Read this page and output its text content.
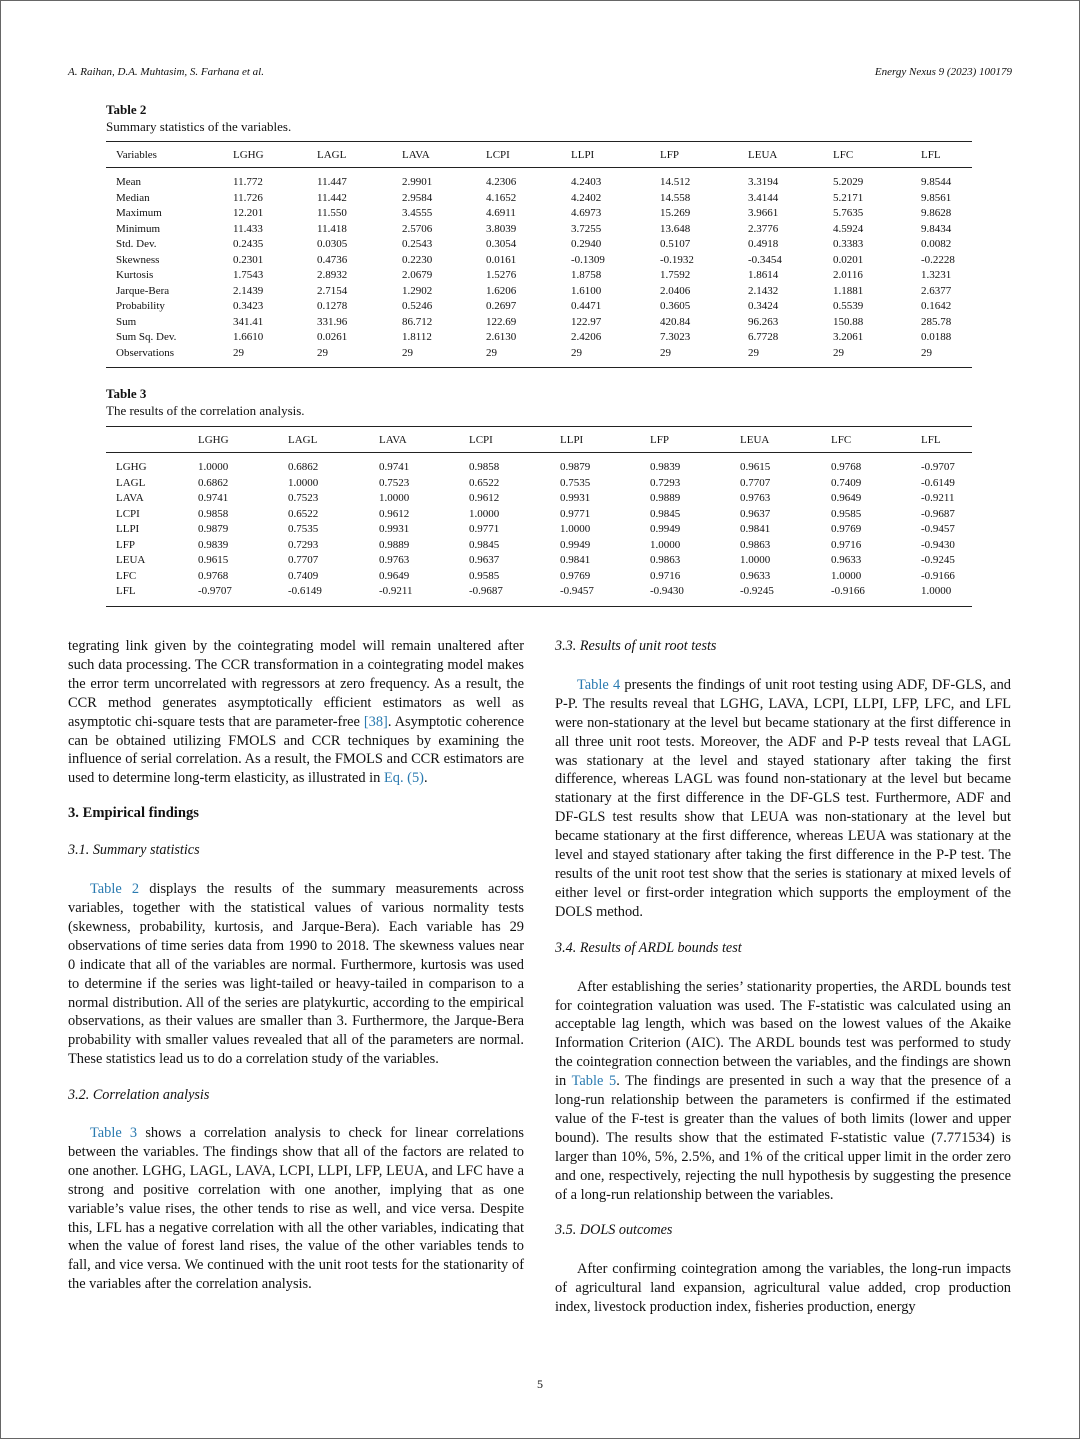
A. Raihan, D.A. Muhtasim, S. Farhana et al.	Energy Nexus 9 (2023) 100179
Table 2
Summary statistics of the variables.
Variables	LGHG	LAGL	LAVA	LCPI	LLPI	LFP	LEUA	LFC	LFL
Mean	11.772	11.447	2.9901	4.2306	4.2403	14.512	3.3194	5.2029	9.8544
Median	11.726	11.442	2.9584	4.1652	4.2402	14.558	3.4144	5.2171	9.8561
Maximum	12.201	11.550	3.4555	4.6911	4.6973	15.269	3.9661	5.7635	9.8628
Minimum	11.433	11.418	2.5706	3.8039	3.7255	13.648	2.3776	4.5924	9.8434
Std. Dev.	0.2435	0.0305	0.2543	0.3054	0.2940	0.5107	0.4918	0.3383	0.0082
Skewness	0.2301	0.4736	0.2230	0.0161	-0.1309	-0.1932	-0.3454	0.0201	-0.2228
Kurtosis	1.7543	2.8932	2.0679	1.5276	1.8758	1.7592	1.8614	2.0116	1.3231
Jarque-Bera	2.1439	2.7154	1.2902	1.6206	1.6100	2.0406	2.1432	1.1881	2.6377
Probability	0.3423	0.1278	0.5246	0.2697	0.4471	0.3605	0.3424	0.5539	0.1642
Sum	341.41	331.96	86.712	122.69	122.97	420.84	96.263	150.88	285.78
Sum Sq. Dev.	1.6610	0.0261	1.8112	2.6130	2.4206	7.3023	6.7728	3.2061	0.0188
Observations	29	29	29	29	29	29	29	29	29
Table 3
The results of the correlation analysis.
	LGHG	LAGL	LAVA	LCPI	LLPI	LFP	LEUA	LFC	LFL
LGHG	1.0000	0.6862	0.9741	0.9858	0.9879	0.9839	0.9615	0.9768	-0.9707
LAGL	0.6862	1.0000	0.7523	0.6522	0.7535	0.7293	0.7707	0.7409	-0.6149
LAVA	0.9741	0.7523	1.0000	0.9612	0.9931	0.9889	0.9763	0.9649	-0.9211
LCPI	0.9858	0.6522	0.9612	1.0000	0.9771	0.9845	0.9637	0.9585	-0.9687
LLPI	0.9879	0.7535	0.9931	0.9771	1.0000	0.9949	0.9841	0.9769	-0.9457
LFP	0.9839	0.7293	0.9889	0.9845	0.9949	1.0000	0.9863	0.9716	-0.9430
LEUA	0.9615	0.7707	0.9763	0.9637	0.9841	0.9863	1.0000	0.9633	-0.9245
LFC	0.9768	0.7409	0.9649	0.9585	0.9769	0.9716	0.9633	1.0000	-0.9166
LFL	-0.9707	-0.6149	-0.9211	-0.9687	-0.9457	-0.9430	-0.9245	-0.9166	1.0000

tegrating link given by the cointegrating model will remain unaltered after such data processing. The CCR transformation in a cointegrating model makes the error term uncorrelated with regressors at zero frequency. As a result, the CCR method generates asymptotically efficient estimators as well as asymptotic chi-square tests that are parameter-free [38]. Asymptotic coherence can be obtained utilizing FMOLS and CCR techniques by examining the influence of serial correlation. As a result, the FMOLS and CCR estimators are used to determine long-term elasticity, as illustrated in Eq. (5).

3. Empirical findings
3.1. Summary statistics

Table 2 displays the results of the summary measurements across variables, together with the statistical values of various normality tests (skewness, probability, kurtosis, and Jarque-Bera). Each variable has 29 observations of time series data from 1990 to 2018. The skewness values near 0 indicate that all of the variables are normal. Furthermore, kurtosis was used to determine if the series was light-tailed or heavy-tailed in comparison to a normal distribution. All of the series are platykurtic, according to the empirical observations, as their values are smaller than 3. Furthermore, the Jarque-Bera probability with smaller values revealed that all of the parameters are normal. These statistics lead us to do a correlation study of the variables.

3.2. Correlation analysis

Table 3 shows a correlation analysis to check for linear correlations between the variables. The findings show that all of the factors are related to one another. LGHG, LAGL, LAVA, LCPI, LLPI, LFP, LEUA, and LFC have a strong and positive correlation with one another, implying that as one variable’s value rises, the other tends to rise as well, and vice versa. Despite this, LFL has a negative correlation with all the other variables, indicating that when the value of forest land rises, the value of the other variables tends to fall, and vice versa. We continued with the unit root tests for the stationarity of the variables after the correlation analysis.

3.3. Results of unit root tests

Table 4 presents the findings of unit root testing using ADF, DF-GLS, and P-P. The results reveal that LGHG, LAVA, LCPI, LLPI, LFP, LFC, and LFL were non-stationary at the level but became stationary at the first difference in all three unit root tests. Moreover, the ADF and P-P tests reveal that LAGL was stationary at the level and stayed stationary after taking the first difference, whereas LAGL was found non-stationary at the level but became stationary at the first difference in the DF-GLS test. Furthermore, ADF and DF-GLS test results show that LEUA was non-stationary at the level but became stationary at the first difference, whereas LEUA was stationary at the level and stayed stationary after taking the first difference in the P-P test. The results of the unit root test show that the series is stationary at mixed levels of either level or first-order integration which supports the employment of the DOLS method.

3.4. Results of ARDL bounds test

After establishing the series’ stationarity properties, the ARDL bounds test for cointegration valuation was used. The F-statistic was calculated using an acceptable lag length, which was based on the lowest values of the Akaike Information Criterion (AIC). The ARDL bounds test was performed to study the cointegration connection between the variables, and the findings are shown in Table 5. The findings are presented in such a way that the presence of a long-run relationship between the parameters is confirmed if the estimated value of the F-test is greater than the values of both limits (lower and upper bound). The results show that the estimated F-statistic value (7.771534) is larger than 10%, 5%, 2.5%, and 1% of the critical upper limit in the order zero and one, respectively, rejecting the null hypothesis by suggesting the presence of a long-run relationship between the variables.

3.5. DOLS outcomes

After confirming cointegration among the variables, the long-run impacts of agricultural land expansion, agricultural value added, crop production index, livestock production index, fisheries production, energy

5
